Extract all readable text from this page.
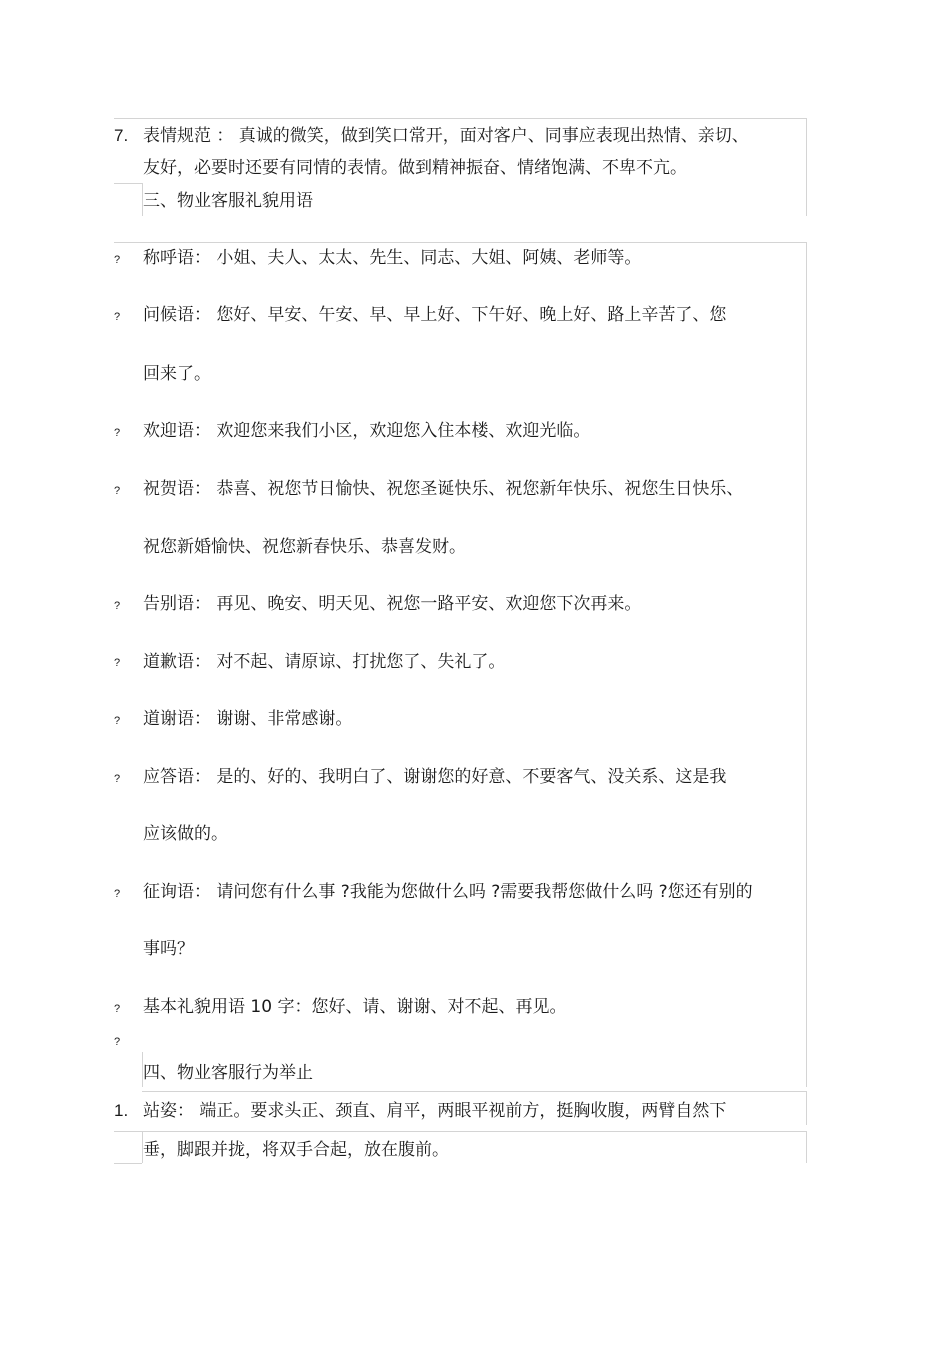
7. 表情规范 ： 真诚的微笑，做到笑口常开，面对客户、同事应表现出热情、亲切、
友好，必要时还要有同情的表情。做到精神振奋、情绪饱满、不卑不亢。
三、物业客服礼貌用语
? 称呼语： 小姐、夫人、太太、先生、同志、大姐、阿姨、老师等。
? 问候语： 您好、早安、午安、早、早上好、下午好、晚上好、路上辛苦了、您
回来了。
? 欢迎语： 欢迎您来我们小区，欢迎您入住本楼、欢迎光临。
? 祝贺语： 恭喜、祝您节日愉快、祝您圣诞快乐、祝您新年快乐、祝您生日快乐、
祝您新婚愉快、祝您新春快乐、恭喜发财。
? 告别语： 再见、晚安、明天见、祝您一路平安、欢迎您下次再来。
? 道歉语： 对不起、请原谅、打扰您了、失礼了。
? 道谢语： 谢谢、非常感谢。
? 应答语： 是的、好的、我明白了、谢谢您的好意、不要客气、没关系、这是我
应该做的。
? 征询语： 请问您有什么事 ?我能为您做什么吗 ?需要我帮您做什么吗 ?您还有别的
事吗？
? 基本礼貌用语 10 字：您好、请、谢谢、对不起、再见。
?
四、物业客服行为举止
1. 站姿： 端正。要求头正、颈直、肩平，两眼平视前方，挺胸收腹，两臂自然下
垂，脚跟并拢，将双手合起，放在腹前。
